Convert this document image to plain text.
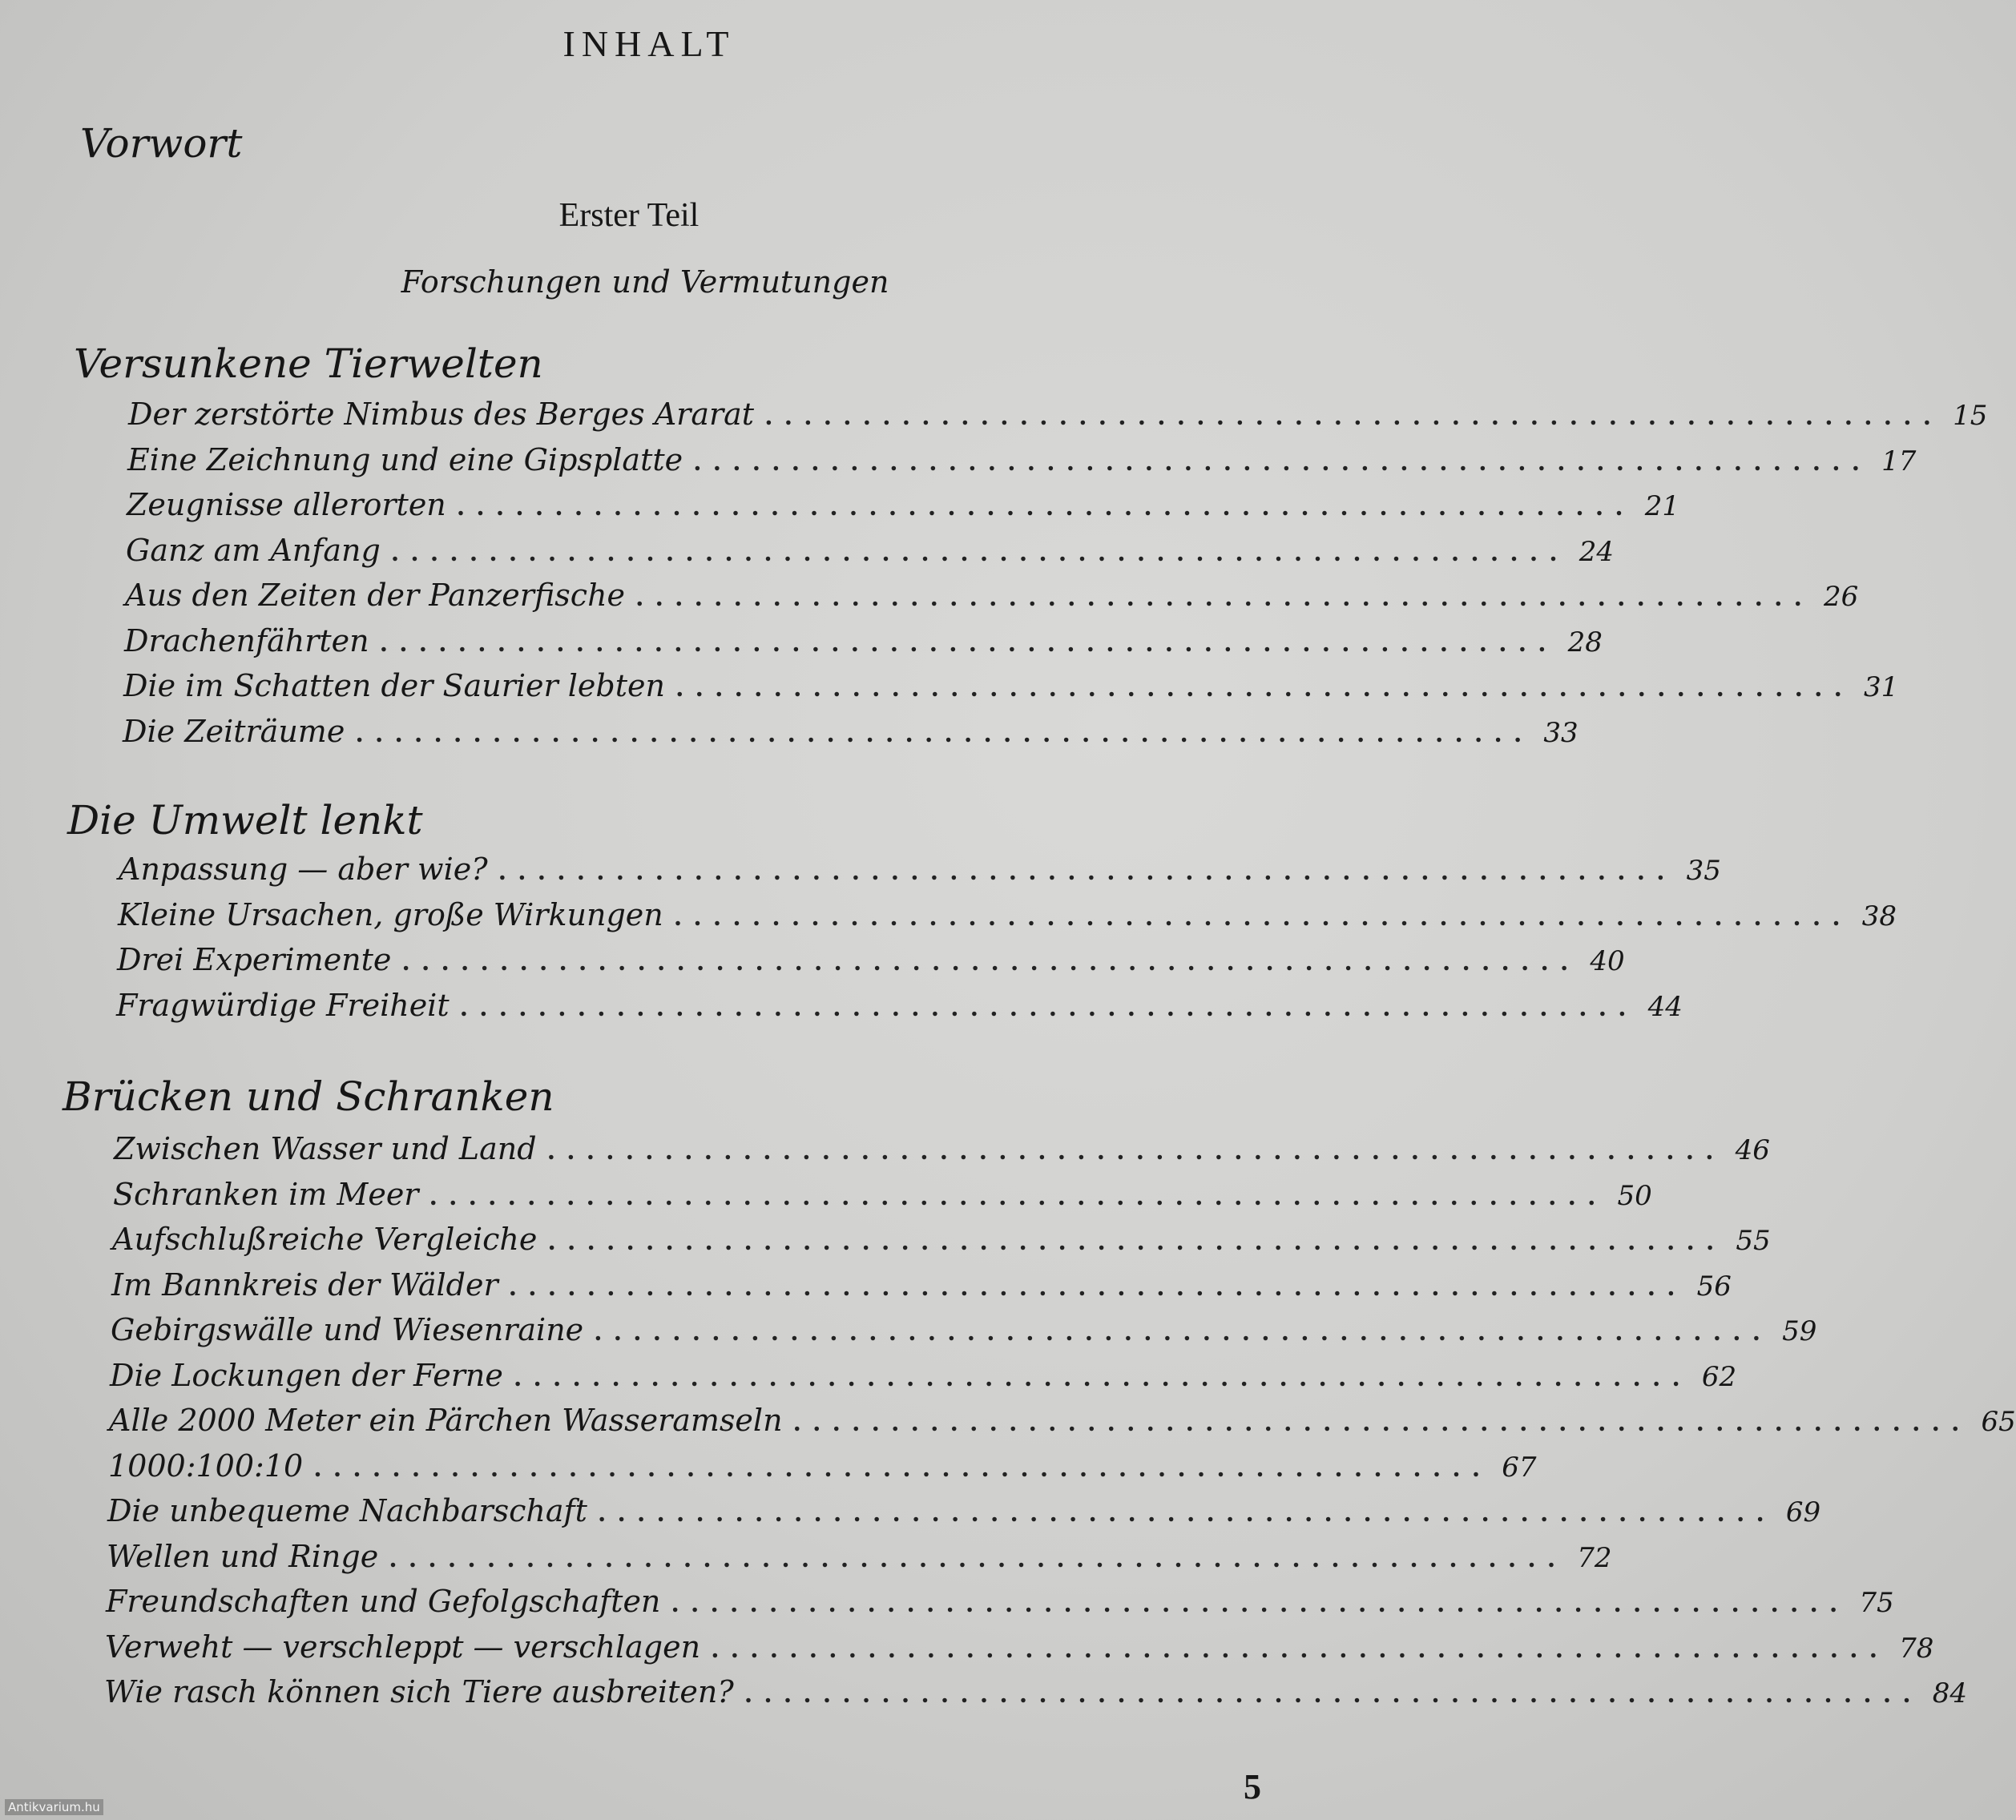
INHALT
Vorwort
Erster Teil
Forschungen und Vermutungen
Versunkene Tierwelten
Der zerstörte Nimbus des Berges Ararat ............................................................ 15
Eine Zeichnung und eine Gipsplatte ............................................................ 17
Zeugnisse allerorten ............................................................ 21
Ganz am Anfang ............................................................ 24
Aus den Zeiten der Panzerfische ............................................................ 26
Drachenfährten ............................................................ 28
Die im Schatten der Saurier lebten ............................................................ 31
Die Zeiträume ............................................................ 33
Die Umwelt lenkt
Anpassung — aber wie? ............................................................ 35
Kleine Ursachen, große Wirkungen ............................................................ 38
Drei Experimente ............................................................ 40
Fragwürdige Freiheit ............................................................ 44
Brücken und Schranken
Zwischen Wasser und Land ............................................................ 46
Schranken im Meer ............................................................ 50
Aufschlußreiche Vergleiche ............................................................ 55
Im Bannkreis der Wälder ............................................................ 56
Gebirgswälle und Wiesenraine ............................................................ 59
Die Lockungen der Ferne ............................................................ 62
Alle 2000 Meter ein Pärchen Wasseramseln ............................................................ 65
1000:100:10 ............................................................ 67
Die unbequeme Nachbarschaft ............................................................ 69
Wellen und Ringe ............................................................ 72
Freundschaften und Gefolgschaften ............................................................ 75
Verweht — verschleppt — verschlagen ............................................................ 78
Wie rasch können sich Tiere ausbreiten? ............................................................ 84
5
Antikvarium.hu
